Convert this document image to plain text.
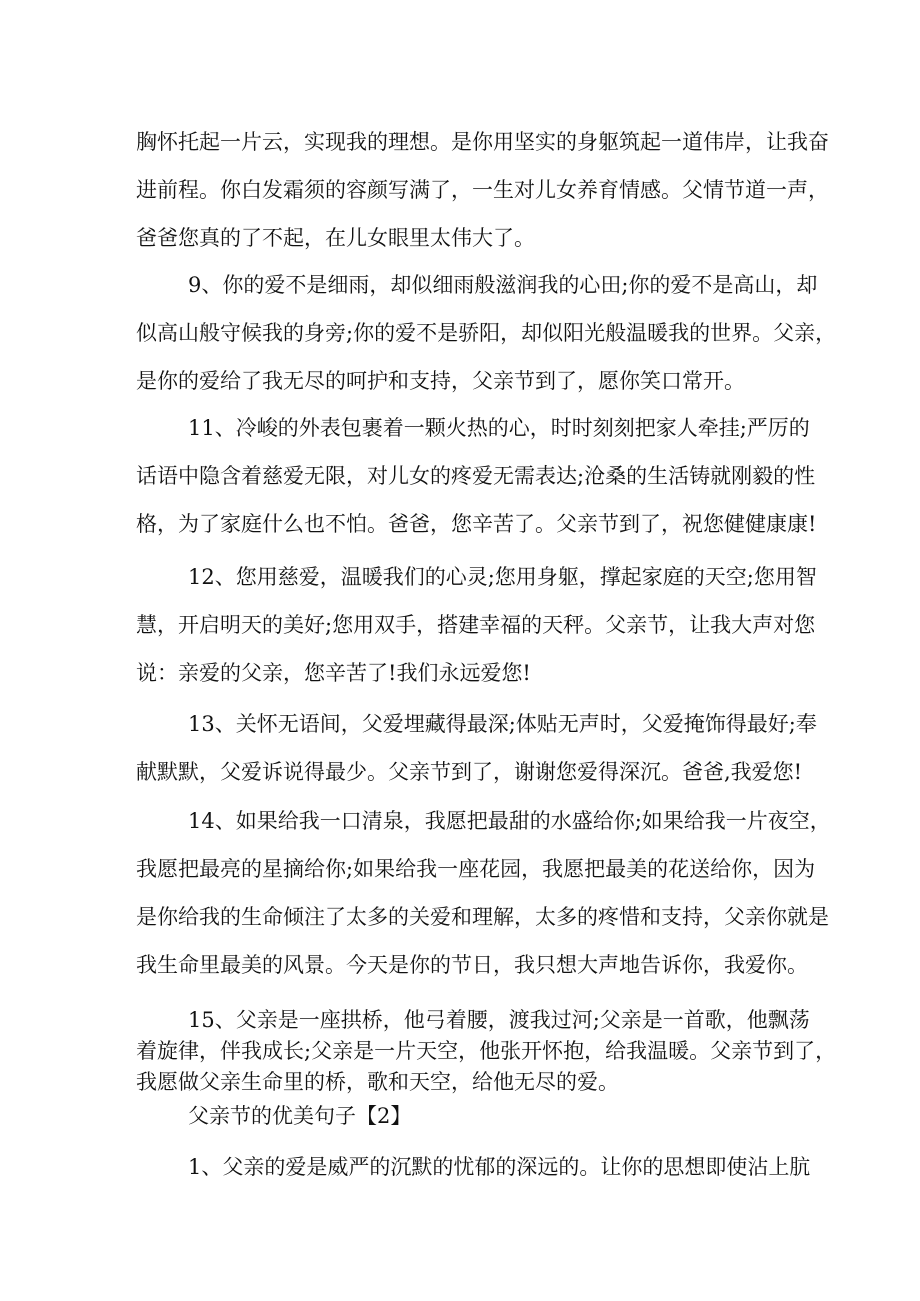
胸怀托起一片云，实现我的理想。是你用坚实的身躯筑起一道伟岸，让我奋
进前程。你白发霜须的容颜写满了，一生对儿女养育情感。父情节道一声，
爸爸您真的了不起，在儿女眼里太伟大了。
9、你的爱不是细雨，却似细雨般滋润我的心田;你的爱不是高山，却
似高山般守候我的身旁;你的爱不是骄阳，却似阳光般温暖我的世界。父亲，
是你的爱给了我无尽的呵护和支持，父亲节到了，愿你笑口常开。
11、冷峻的外表包裹着一颗火热的心，时时刻刻把家人牵挂;严厉的
话语中隐含着慈爱无限，对儿女的疼爱无需表达;沧桑的生活铸就刚毅的性
格，为了家庭什么也不怕。爸爸，您辛苦了。父亲节到了，祝您健健康康!
12、您用慈爱，温暖我们的心灵;您用身躯，撑起家庭的天空;您用智
慧，开启明天的美好;您用双手，搭建幸福的天秤。父亲节，让我大声对您
说：亲爱的父亲，您辛苦了!我们永远爱您!
13、关怀无语间，父爱埋藏得最深;体贴无声时，父爱掩饰得最好;奉
献默默，父爱诉说得最少。父亲节到了，谢谢您爱得深沉。爸爸,我爱您!
14、如果给我一口清泉，我愿把最甜的水盛给你;如果给我一片夜空，
我愿把最亮的星摘给你;如果给我一座花园，我愿把最美的花送给你，因为
是你给我的生命倾注了太多的关爱和理解，太多的疼惜和支持，父亲你就是
我生命里最美的风景。今天是你的节日，我只想大声地告诉你，我爱你。
15、父亲是一座拱桥，他弓着腰，渡我过河;父亲是一首歌，他飘荡
着旋律，伴我成长;父亲是一片天空，他张开怀抱，给我温暖。父亲节到了，
我愿做父亲生命里的桥，歌和天空，给他无尽的爱。
父亲节的优美句子【2】
1、父亲的爱是威严的沉默的忧郁的深远的。让你的思想即使沾上肮
